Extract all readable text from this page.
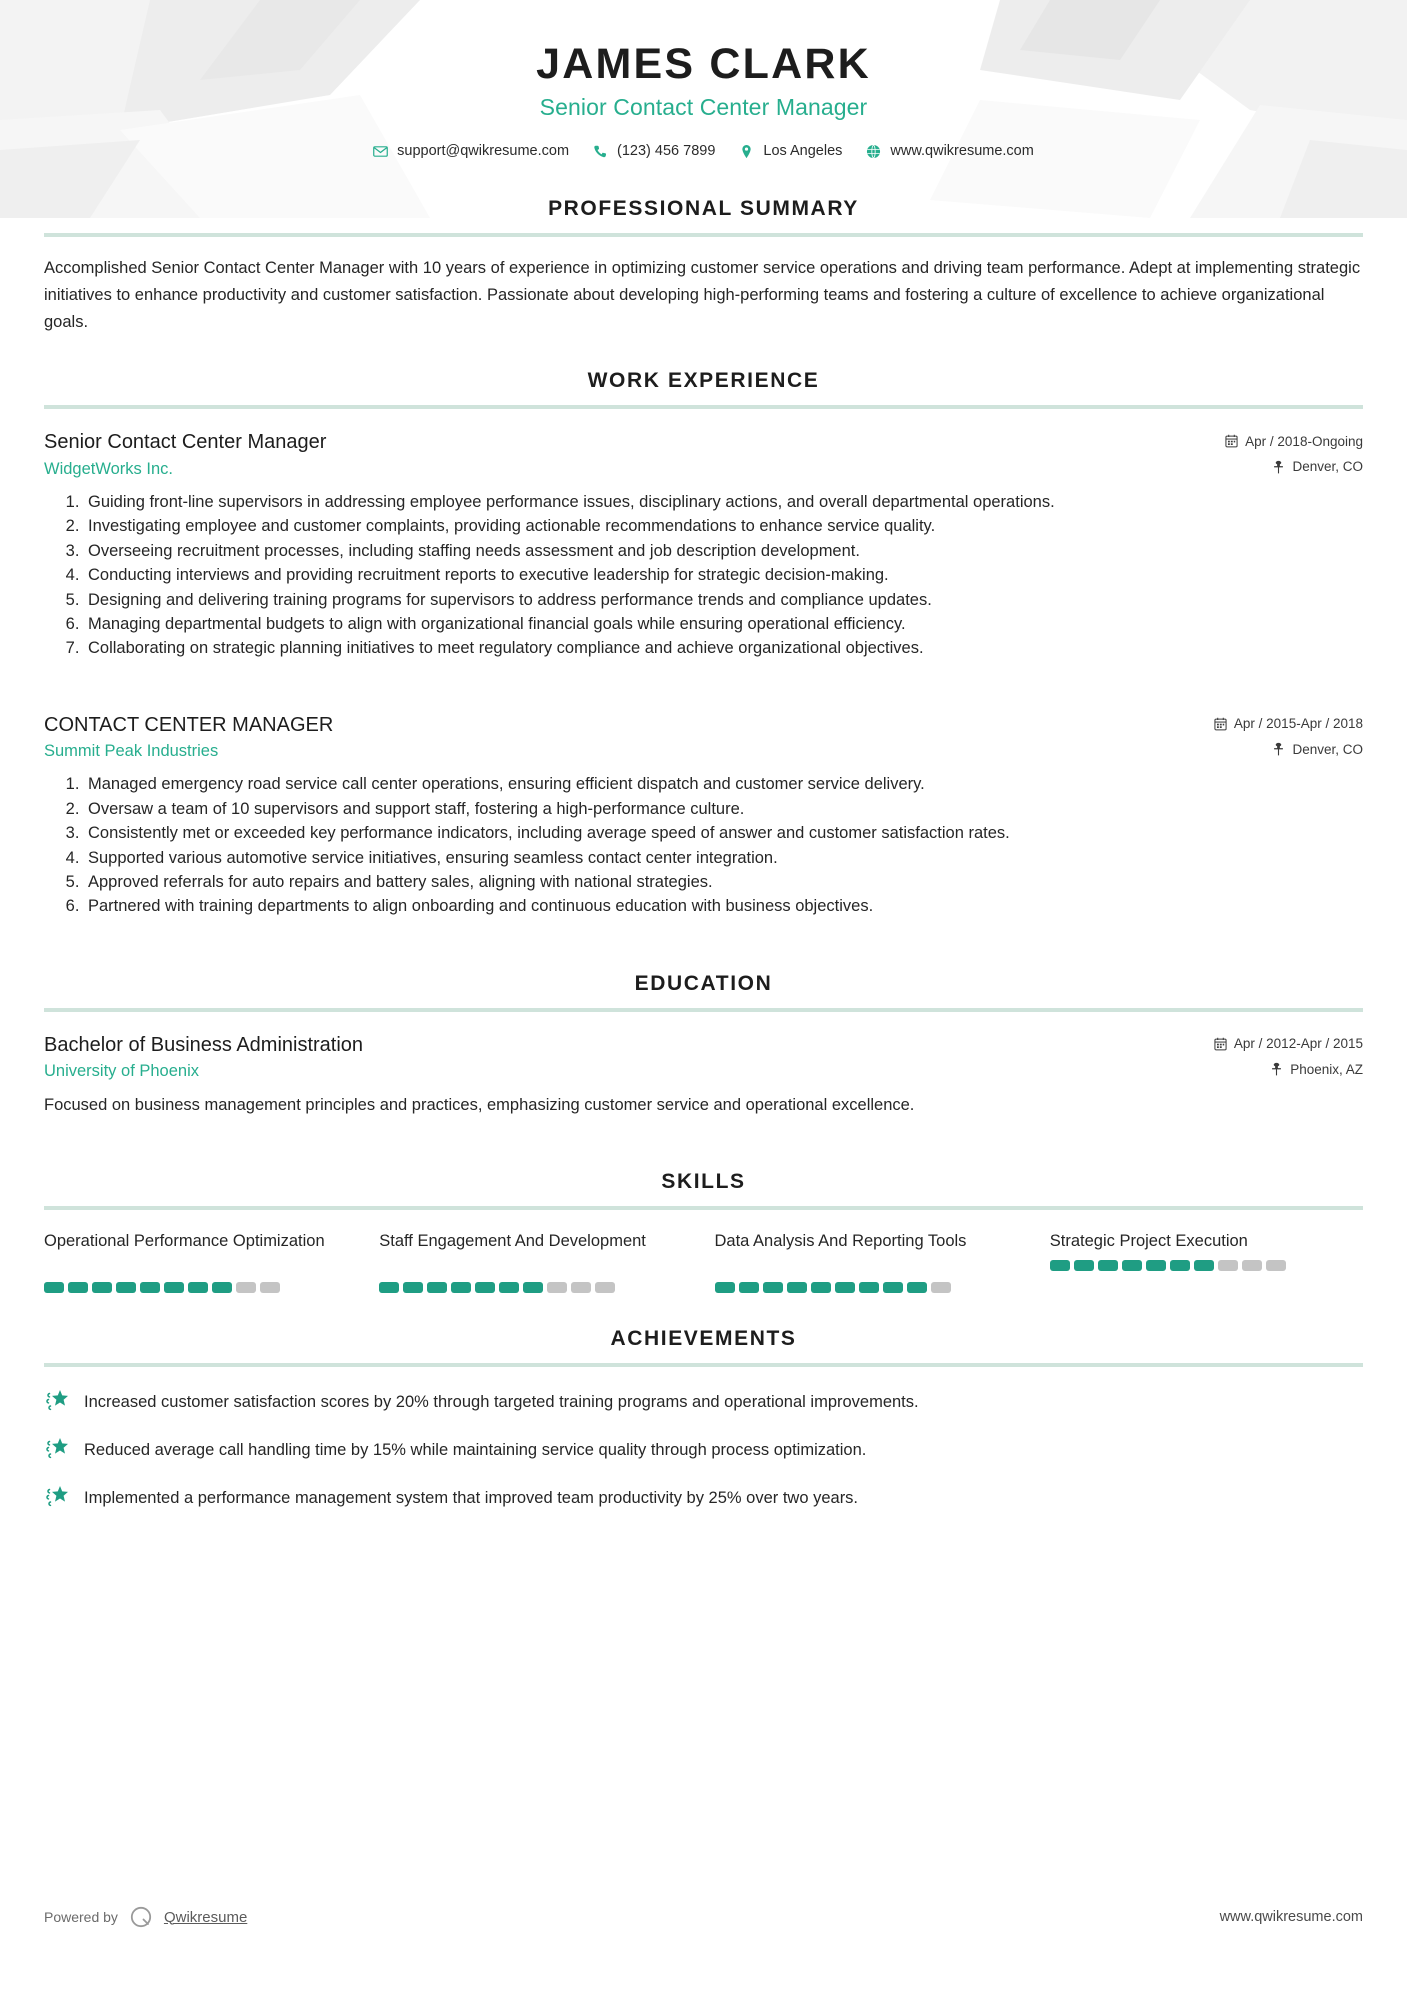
JAMES CLARK
Senior Contact Center Manager
support@qwikresume.com	(123) 456 7899	Los Angeles	www.qwikresume.com
PROFESSIONAL SUMMARY

Accomplished Senior Contact Center Manager with 10 years of experience in optimizing customer service operations and driving team performance. Adept at implementing strategic initiatives to enhance productivity and customer satisfaction. Passionate about developing high-performing teams and fostering a culture of excellence to achieve organizational goals.

WORK EXPERIENCE
Senior Contact Center Manager	Apr / 2018-Ongoing
WidgetWorks Inc.	Denver, CO
1. Guiding front-line supervisors in addressing employee performance issues, disciplinary actions, and overall departmental operations.
2. Investigating employee and customer complaints, providing actionable recommendations to enhance service quality.
3. Overseeing recruitment processes, including staffing needs assessment and job description development.
4. Conducting interviews and providing recruitment reports to executive leadership for strategic decision-making.
5. Designing and delivering training programs for supervisors to address performance trends and compliance updates.
6. Managing departmental budgets to align with organizational financial goals while ensuring operational efficiency.
7. Collaborating on strategic planning initiatives to meet regulatory compliance and achieve organizational objectives.
CONTACT CENTER MANAGER	Apr / 2015-Apr / 2018
Summit Peak Industries	Denver, CO
1. Managed emergency road service call center operations, ensuring efficient dispatch and customer service delivery.
2. Oversaw a team of 10 supervisors and support staff, fostering a high-performance culture.
3. Consistently met or exceeded key performance indicators, including average speed of answer and customer satisfaction rates.
4. Supported various automotive service initiatives, ensuring seamless contact center integration.
5. Approved referrals for auto repairs and battery sales, aligning with national strategies.
6. Partnered with training departments to align onboarding and continuous education with business objectives.
EDUCATION
Bachelor of Business Administration	Apr / 2012-Apr / 2015
University of Phoenix	Phoenix, AZ

Focused on business management principles and practices, emphasizing customer service and operational excellence.

SKILLS
Operational Performance Optimization	Staff Engagement And Development	Data Analysis And Reporting Tools	Strategic Project Execution
ACHIEVEMENTS
Increased customer satisfaction scores by 20% through targeted training programs and operational improvements.
Reduced average call handling time by 15% while maintaining service quality through process optimization.
Implemented a performance management system that improved team productivity by 25% over two years.
Powered by	Qwikresume	www.qwikresume.com
